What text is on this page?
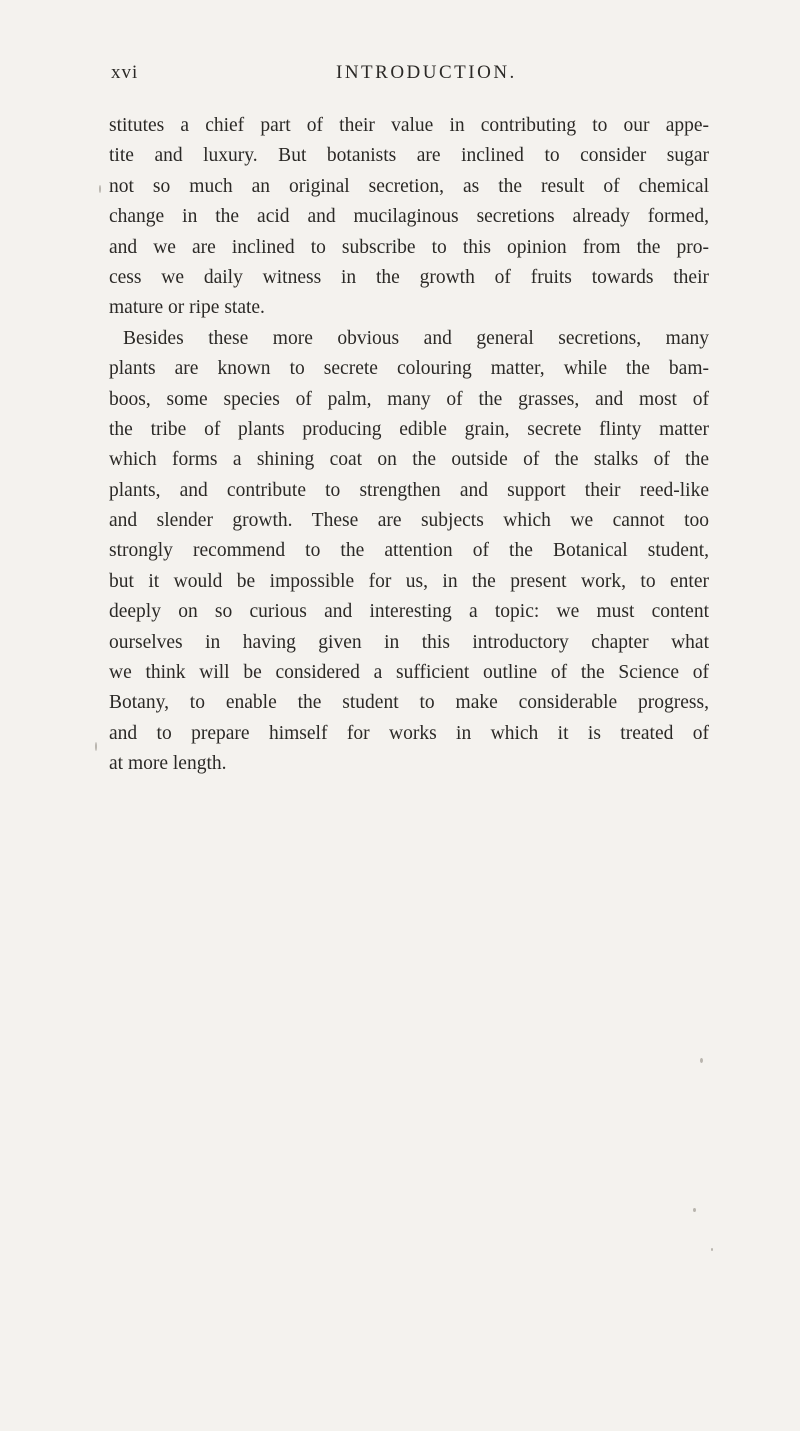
xvi	INTRODUCTION.
stitutes a chief part of their value in contributing to our appe-
tite and luxury. But botanists are inclined to consider sugar
not so much an original secretion, as the result of chemical
change in the acid and mucilaginous secretions already formed,
and we are inclined to subscribe to this opinion from the pro-
cess we daily witness in the growth of fruits towards their
mature or ripe state.
Besides these more obvious and general secretions, many
plants are known to secrete colouring matter, while the bam-
boos, some species of palm, many of the grasses, and most of
the tribe of plants producing edible grain, secrete flinty matter
which forms a shining coat on the outside of the stalks of the
plants, and contribute to strengthen and support their reed-like
and slender growth. These are subjects which we cannot too
strongly recommend to the attention of the Botanical student,
but it would be impossible for us, in the present work, to enter
deeply on so curious and interesting a topic: we must content
ourselves in having given in this introductory chapter what
we think will be considered a sufficient outline of the Science of
Botany, to enable the student to make considerable progress,
and to prepare himself for works in which it is treated of
at more length.
